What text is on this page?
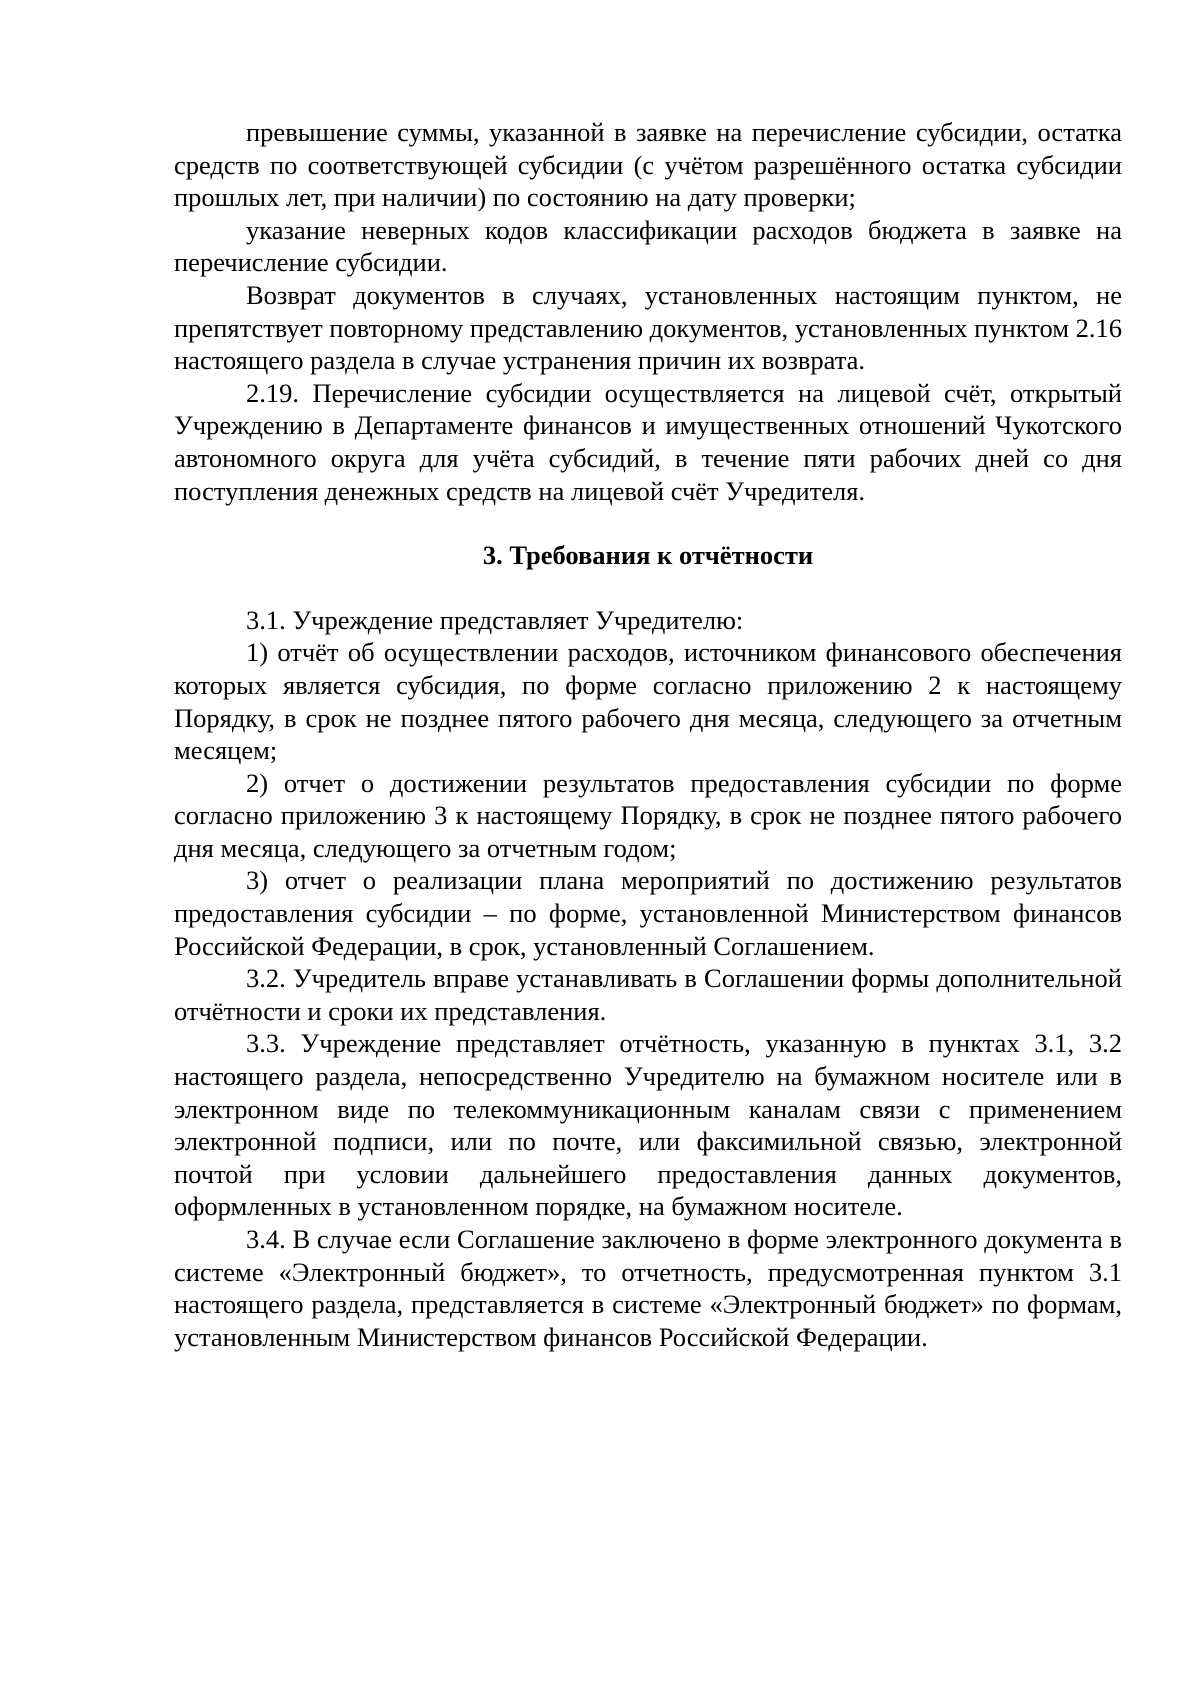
превышение суммы, указанной в заявке на перечисление субсидии, остатка средств по соответствующей субсидии (с учётом разрешённого остатка субсидии прошлых лет, при наличии) по состоянию на дату проверки;

указание неверных кодов классификации расходов бюджета в заявке на перечисление субсидии.

Возврат документов в случаях, установленных настоящим пунктом, не препятствует повторному представлению документов, установленных пунктом 2.16 настоящего раздела в случае устранения причин их возврата.

2.19. Перечисление субсидии осуществляется на лицевой счёт, открытый Учреждению в Департаменте финансов и имущественных отношений Чукотского автономного округа для учёта субсидий, в течение пяти рабочих дней со дня поступления денежных средств на лицевой счёт Учредителя.

3. Требования к отчётности

3.1. Учреждение представляет Учредителю:

1) отчёт об осуществлении расходов, источником финансового обеспечения которых является субсидия, по форме согласно приложению 2 к настоящему Порядку, в срок не позднее пятого рабочего дня месяца, следующего за отчетным месяцем;

2) отчет о достижении результатов предоставления субсидии по форме согласно приложению 3 к настоящему Порядку, в срок не позднее пятого рабочего дня месяца, следующего за отчетным годом;

3) отчет о реализации плана мероприятий по достижению результатов предоставления субсидии – по форме, установленной Министерством финансов Российской Федерации, в срок, установленный Соглашением.

3.2. Учредитель вправе устанавливать в Соглашении формы дополнительной отчётности и сроки их представления.

3.3. Учреждение представляет отчётность, указанную в пунктах 3.1, 3.2 настоящего раздела, непосредственно Учредителю на бумажном носителе или в электронном виде по телекоммуникационным каналам связи с применением электронной подписи, или по почте, или факсимильной связью, электронной почтой при условии дальнейшего предоставления данных документов, оформленных в установленном порядке, на бумажном носителе.

3.4. В случае если Соглашение заключено в форме электронного документа в системе «Электронный бюджет», то отчетность, предусмотренная пунктом 3.1 настоящего раздела, представляется в системе «Электронный бюджет» по формам, установленным Министерством финансов Российской Федерации.
